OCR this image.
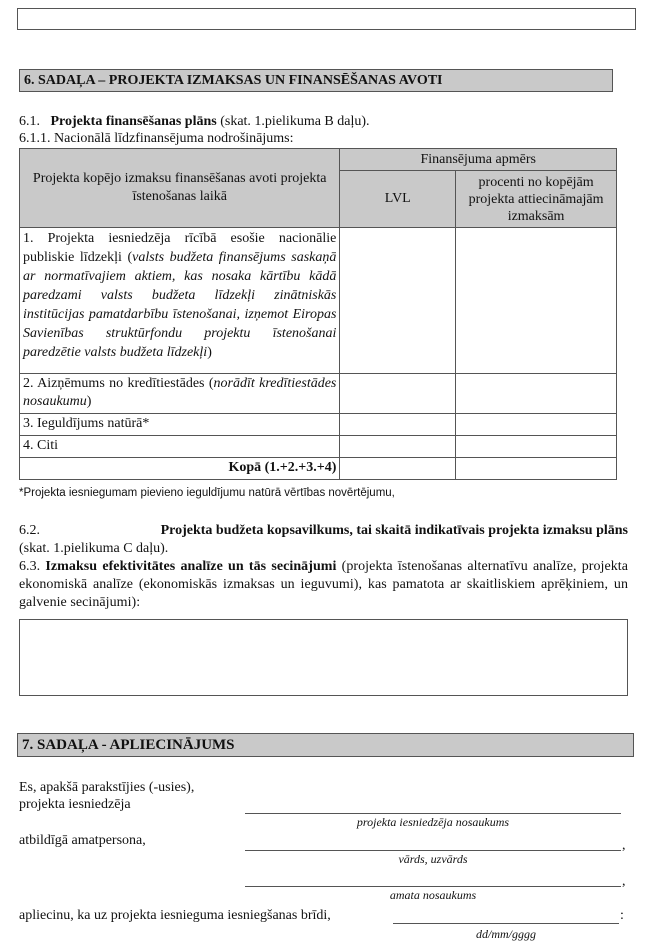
6. SADAĻA – PROJEKTA IZMAKSAS UN FINANSĒŠANAS AVOTI
6.1. Projekta finansēšanas plāns (skat. 1.pielikuma B daļu).
6.1.1. Nacionālā līdzfinansējuma nodrošinājums:
Projekta kopējo izmaksu finansēšanas avoti projekta īstenošanas laikā	Finansējuma apmērs	
	LVL	procenti no kopējām projekta attiecināmajām izmaksām
1. Projekta iesniedzēja rīcībā esošie nacionālie publiskie līdzekļi (valsts budžeta finansējums saskaņā ar normatīvajiem aktiem, kas nosaka kārtību kādā paredzami valsts budžeta līdzekļi zinātniskās institūcijas pamatdarbību īstenošanai, izņemot Eiropas Savienības struktūrfondu projektu īstenošanai paredzētie valsts budžeta līdzekļi)		
2. Aizņēmums no kredītiestādes (norādīt kredītiestādes nosaukumu)		
3. Ieguldījums natūrā*		
4. Citi		
Kopā (1.+2.+3.+4)		
*Projekta iesniegumam pievieno ieguldījumu natūrā vērtības novērtējumu,
6.2.	Projekta budžeta kopsavilkums, tai skaitā indikatīvais projekta izmaksu plāns
(skat. 1.pielikuma C daļu).
6.3. Izmaksu efektivitātes analīze un tās secinājumi (projekta īstenošanas alternatīvu analīze, projekta ekonomiskā analīze (ekonomiskās izmaksas un ieguvumi), kas pamatota ar skaitliskiem aprēķiniem, un galvenie secinājumi):
7. SADAĻA - APLIECINĀJUMS
Es, apakšā parakstījies (-usies),
projekta iesniedzēja
projekta iesniedzēja nosaukums
atbildīgā amatpersona,	,
vārds, uzvārds
,
amata nosaukums
apliecinu, ka uz projekta iesnieguma iesniegšanas brīdi,	:
dd/mm/gggg
